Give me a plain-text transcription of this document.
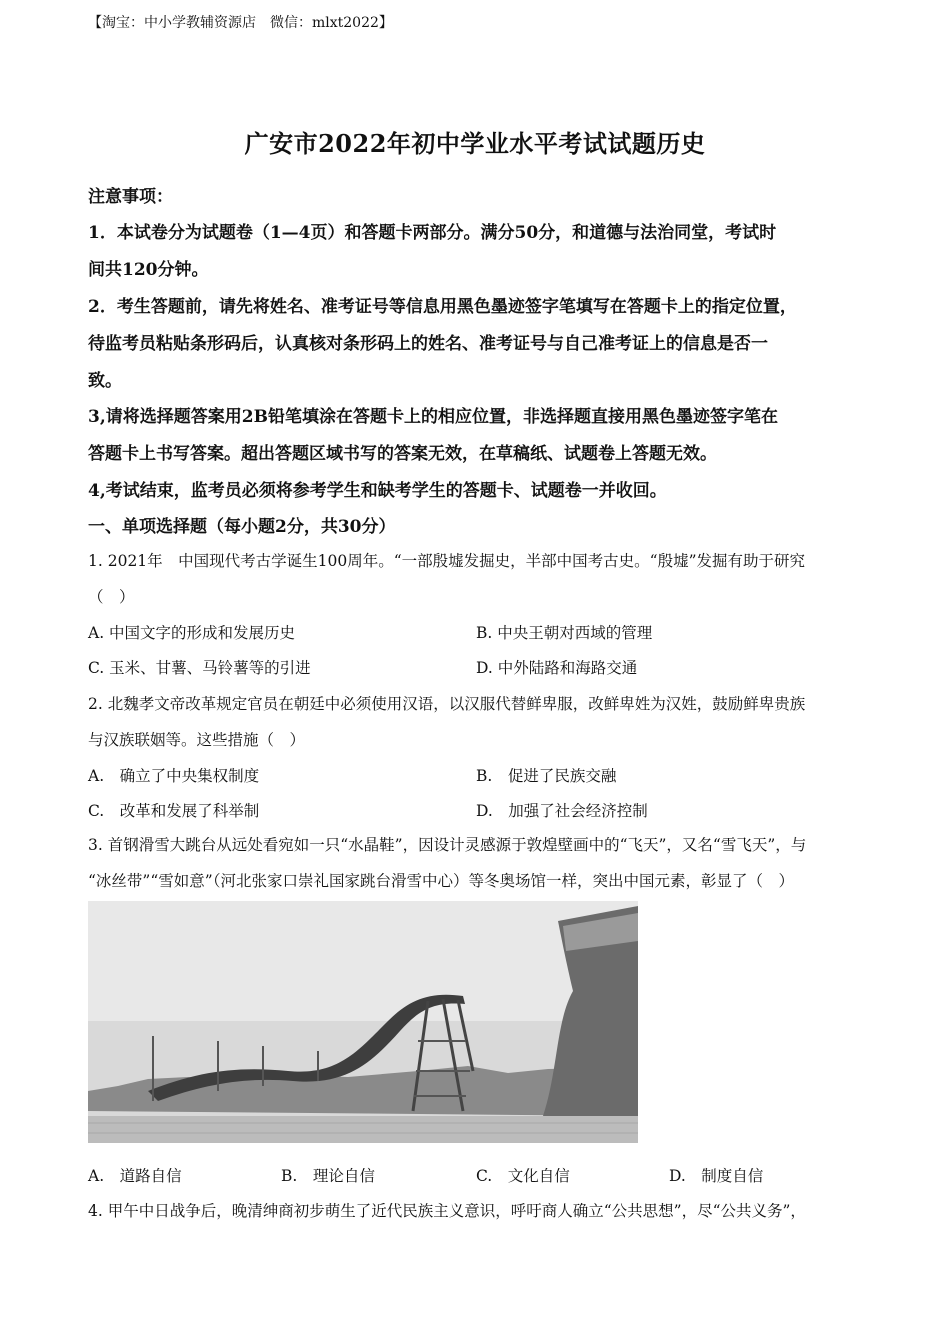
【淘宝：中小学教辅资源店　微信：mlxt2022】
广安市2022年初中学业水平考试试题历史
注意事项：
1．本试卷分为试题卷（1—4页）和答题卡两部分。满分50分，和道德与法治同堂，考试时
间共120分钟。
2．考生答题前，请先将姓名、准考证号等信息用黑色墨迹签字笔填写在答题卡上的指定位置，
待监考员粘贴条形码后，认真核对条形码上的姓名、准考证号与自己准考证上的信息是否一
致。
3,请将选择题答案用2B铅笔填涂在答题卡上的相应位置，非选择题直接用黑色墨迹签字笔在
答题卡上书写答案。超出答题区域书写的答案无效，在草稿纸、试题卷上答题无效。
4,考试结束，监考员必须将参考学生和缺考学生的答题卡、试题卷一并收回。
一、单项选择题（每小题2分，共30分）
1. 2021年　中国现代考古学诞生100周年。“一部殷墟发掘史，半部中国考古史。“殷墟”发掘有助于研究
（　）
A. 中国文字的形成和发展历史	B. 中央王朝对西域的管理
C. 玉米、甘薯、马铃薯等的引进	D. 中外陆路和海路交通
2. 北魏孝文帝改革规定官员在朝廷中必须使用汉语，以汉服代替鲜卑服，改鲜卑姓为汉姓，鼓励鲜卑贵族
与汉族联姻等。这些措施（　）
A.　确立了中央集权制度	B.　促进了民族交融
C.　改革和发展了科举制	D.　加强了社会经济控制
3. 首钢滑雪大跳台从远处看宛如一只“水晶鞋”，因设计灵感源于敦煌壁画中的“飞天”，又名“雪飞天”，与
“冰丝带”“雪如意”（河北张家口崇礼国家跳台滑雪中心）等冬奥场馆一样，突出中国元素，彰显了（　）
A.　道路自信	B.　理论自信	C.　文化自信	D.　制度自信
4. 甲午中日战争后，晚清绅商初步萌生了近代民族主义意识，呼吁商人确立“公共思想”，尽“公共义务”，
